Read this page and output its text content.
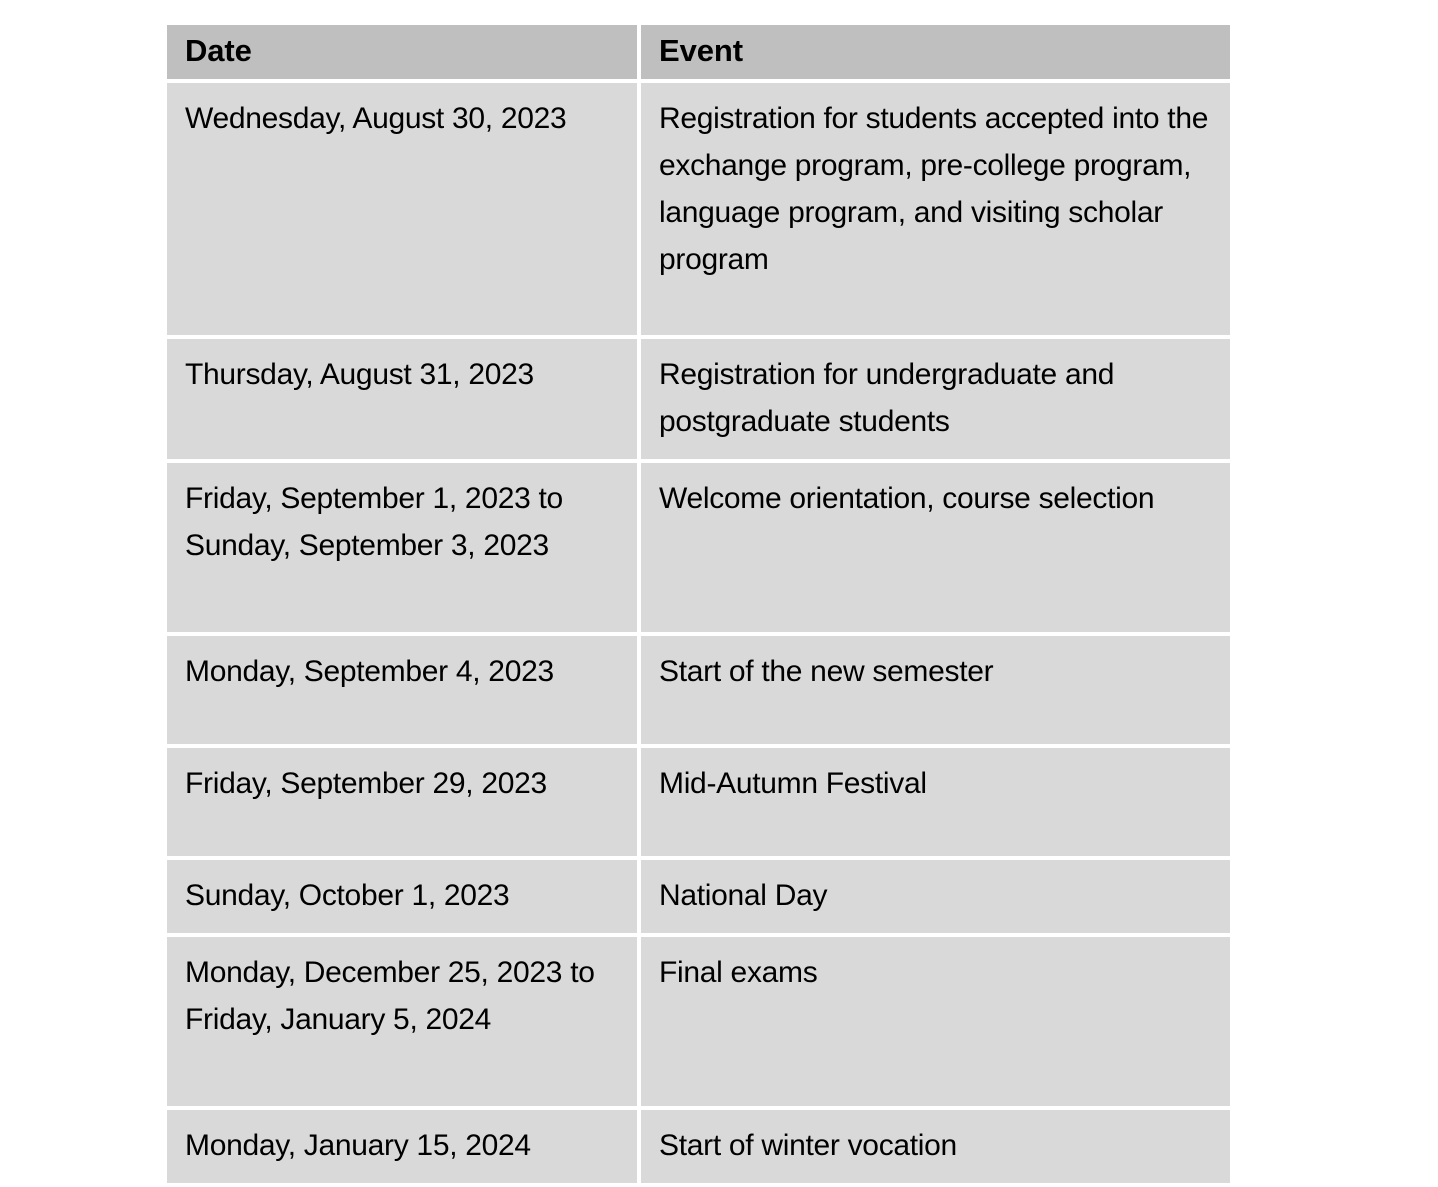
Date	Event

Wednesday, August 30, 2023	Registration for students accepted into the exchange program, pre-college program, language program, and visiting scholar program

Thursday, August 31, 2023	Registration for undergraduate and postgraduate students

Friday, September 1, 2023 to Sunday, September 3, 2023	Welcome orientation, course selection

Monday, September 4, 2023	Start of the new semester

Friday, September 29, 2023	Mid-Autumn Festival

Sunday, October 1, 2023	National Day

Monday, December 25, 2023 to Friday, January 5, 2024	Final exams

Monday, January 15, 2024	Start of winter vocation
